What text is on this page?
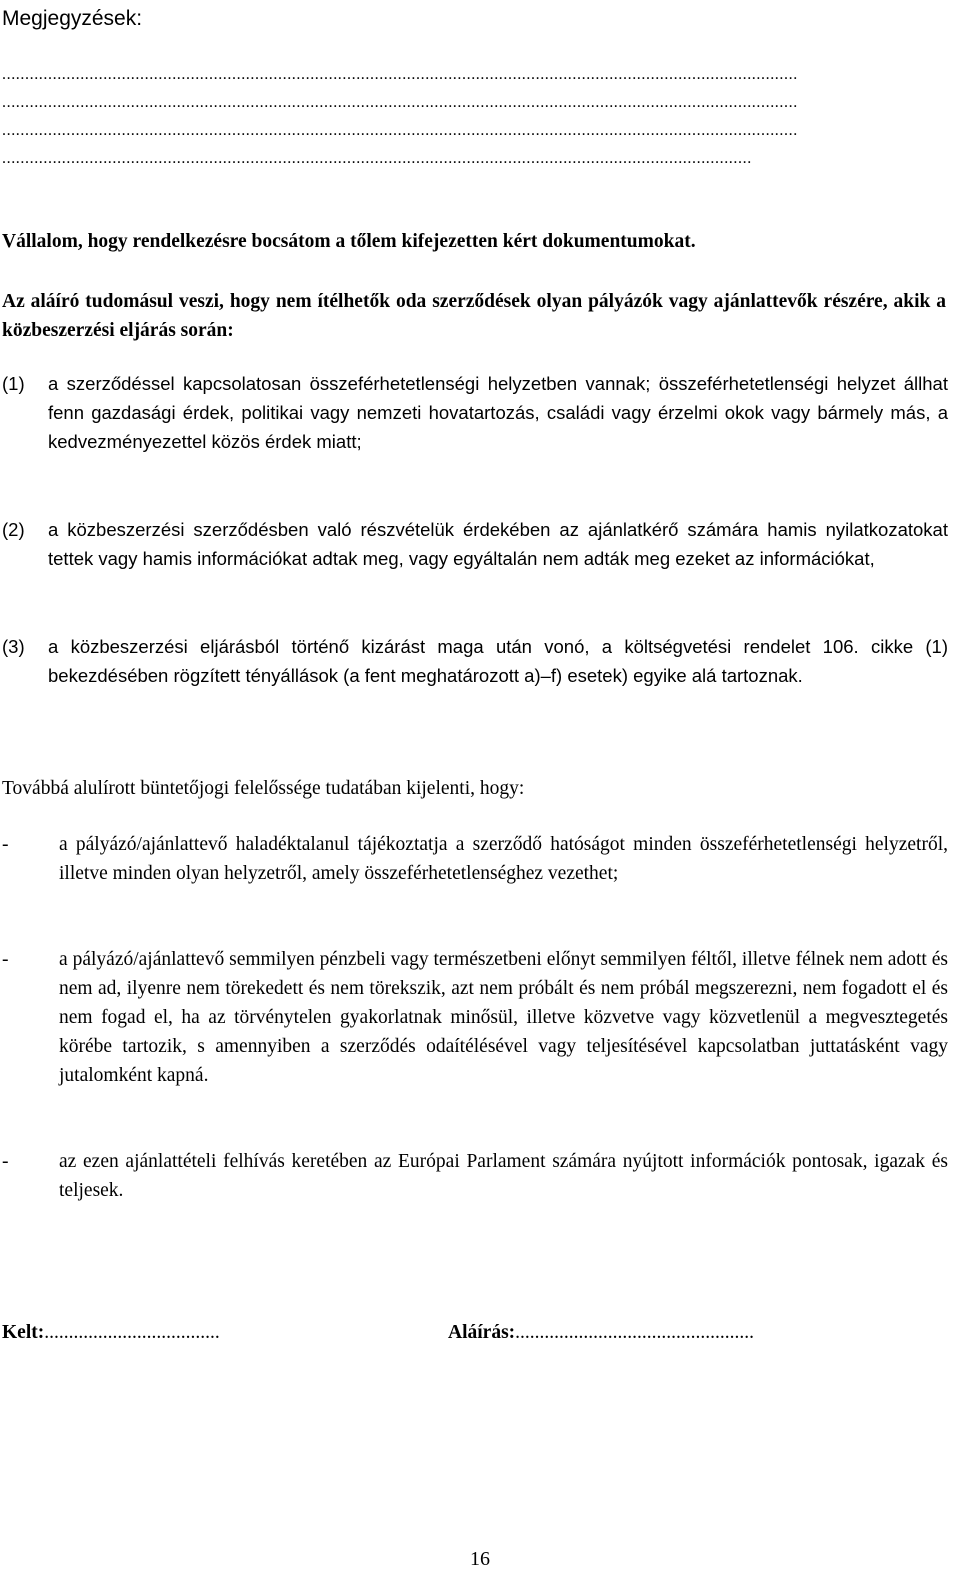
Megjegyzések:
.............................................................................................................................................................................
.............................................................................................................................................................................
.............................................................................................................................................................................
...................................................................................................................................................................
Vállalom, hogy rendelkezésre bocsátom a tőlem kifejezetten kért dokumentumokat.
Az aláíró tudomásul veszi, hogy nem ítélhetők oda szerződések olyan pályázók vagy ajánlattevők részére, akik a közbeszerzési eljárás során:
(1)	a szerződéssel kapcsolatosan összeférhetetlenségi helyzetben vannak; összeférhetetlenségi helyzet állhat fenn gazdasági érdek, politikai vagy nemzeti hovatartozás, családi vagy érzelmi okok vagy bármely más, a kedvezményezettel közös érdek miatt;
(2)	a közbeszerzési szerződésben való részvételük érdekében az ajánlatkérő számára hamis nyilatkozatokat tettek vagy hamis információkat adtak meg, vagy egyáltalán nem adták meg ezeket az információkat,
(3)	a közbeszerzési eljárásból történő kizárást maga után vonó, a költségvetési rendelet 106. cikke (1) bekezdésében rögzített tényállások (a fent meghatározott a)–f) esetek) egyike alá tartoznak.
Továbbá alulírott büntetőjogi felelőssége tudatában kijelenti, hogy:
-	a pályázó/ajánlattevő haladéktalanul tájékoztatja a szerződő hatóságot minden összeférhetetlenségi helyzetről, illetve minden olyan helyzetről, amely összeférhetetlenséghez vezethet;
-	a pályázó/ajánlattevő semmilyen pénzbeli vagy természetbeni előnyt semmilyen féltől, illetve félnek nem adott és nem ad, ilyenre nem törekedett és nem törekszik, azt nem próbált és nem próbál megszerezni, nem fogadott el és nem fogad el, ha az törvénytelen gyakorlatnak minősül, illetve közvetve vagy közvetlenül a megvesztegetés körébe tartozik, s amennyiben a szerződés odaítélésével vagy teljesítésével kapcsolatban juttatásként vagy jutalomként kapná.
-	az ezen ajánlattételi felhívás keretében az Európai Parlament számára nyújtott információk pontosak, igazak és teljesek.
Kelt:....................................	Aláírás:.................................................
16
